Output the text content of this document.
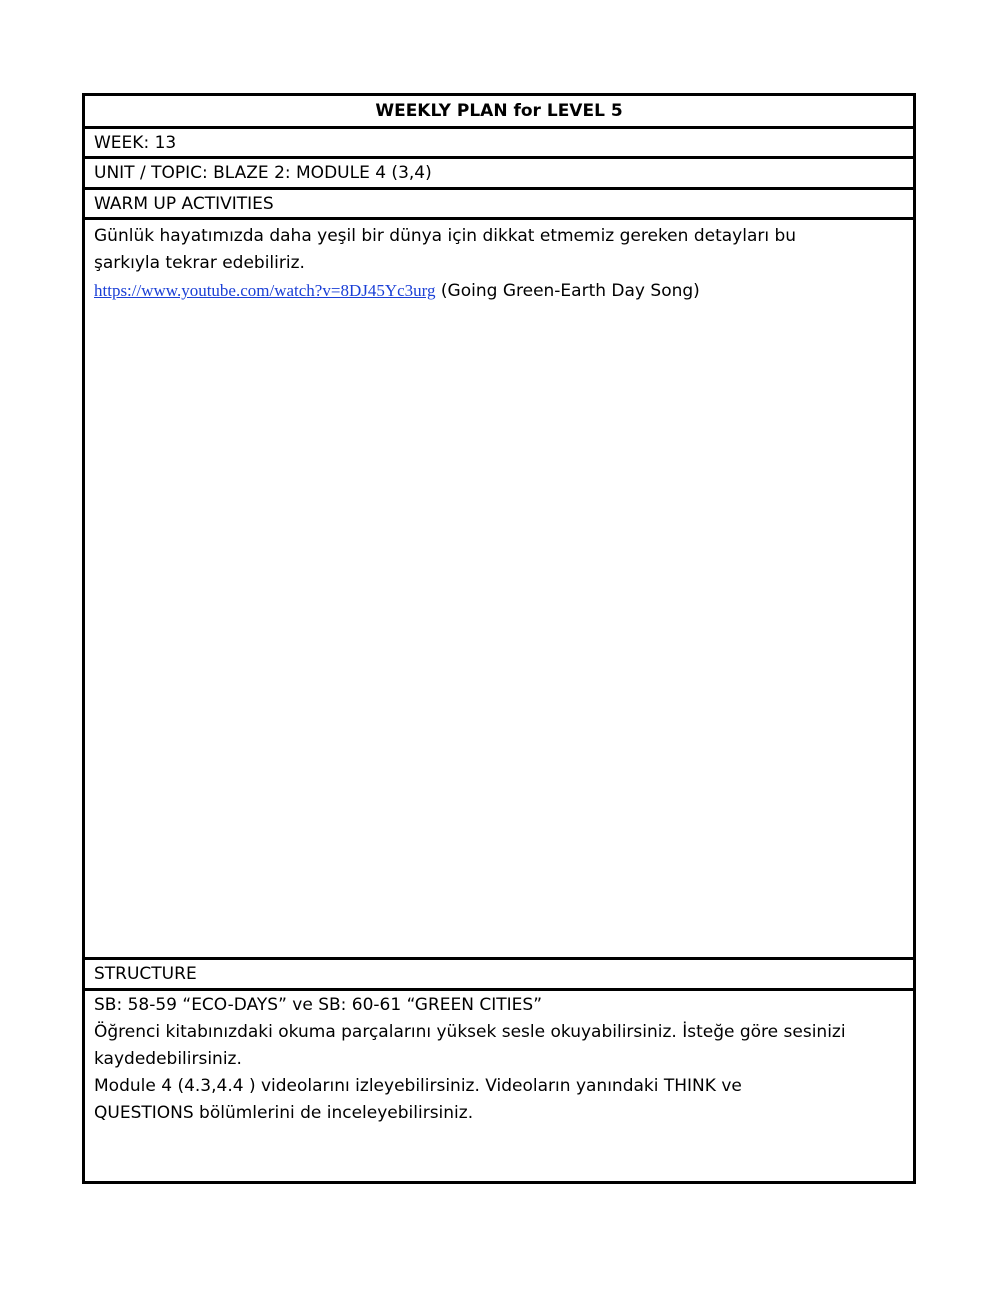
WEEKLY PLAN for LEVEL 5
WEEK: 13
UNIT / TOPIC: BLAZE 2: MODULE 4 (3,4)
WARM UP ACTIVITIES
Günlük hayatımızda daha yeşil bir dünya için dikkat etmemiz gereken detayları bu
şarkıyla tekrar edebiliriz.
https://www.youtube.com/watch?v=8DJ45Yc3urg (Going Green-Earth Day Song)
STRUCTURE
SB: 58-59 “ECO-DAYS” ve SB: 60-61 “GREEN CITIES”
Öğrenci kitabınızdaki okuma parçalarını yüksek sesle okuyabilirsiniz. İsteğe göre sesinizi
kaydedebilirsiniz.
Module 4 (4.3,4.4 ) videolarını izleyebilirsiniz. Videoların yanındaki THINK ve
QUESTIONS bölümlerini de inceleyebilirsiniz.
